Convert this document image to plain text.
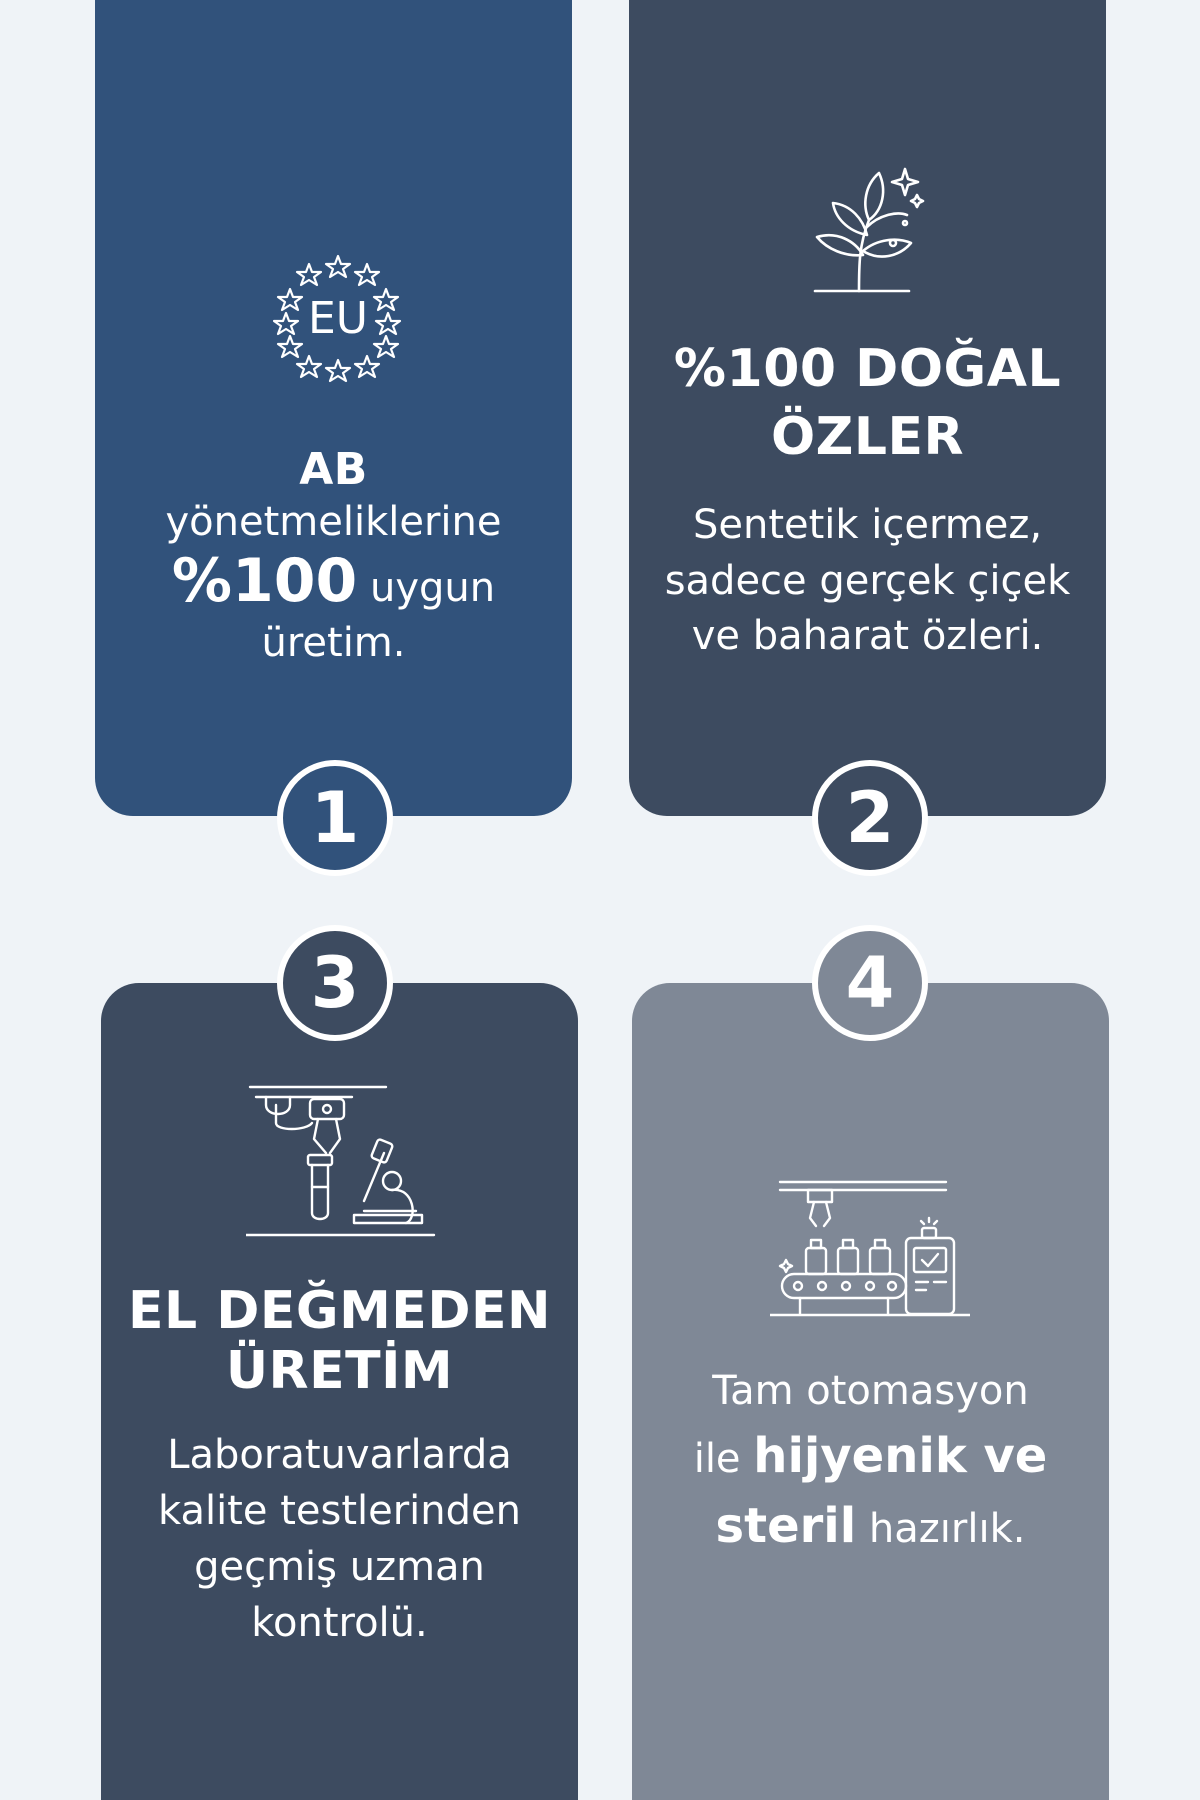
EU
AB
yönetmeliklerine
%100 uygun
üretim.
%100 DOĞAL
ÖZLER
Sentetik içermez,
sadece gerçek çiçek
ve baharat özleri.
EL DEĞMEDEN
ÜRETİM
Laboratuvarlarda
kalite testlerinden
geçmiş uzman
kontrolü.
Tam otomasyon
ile hijyenik ve
steril hazırlık.
1	2
3	4
